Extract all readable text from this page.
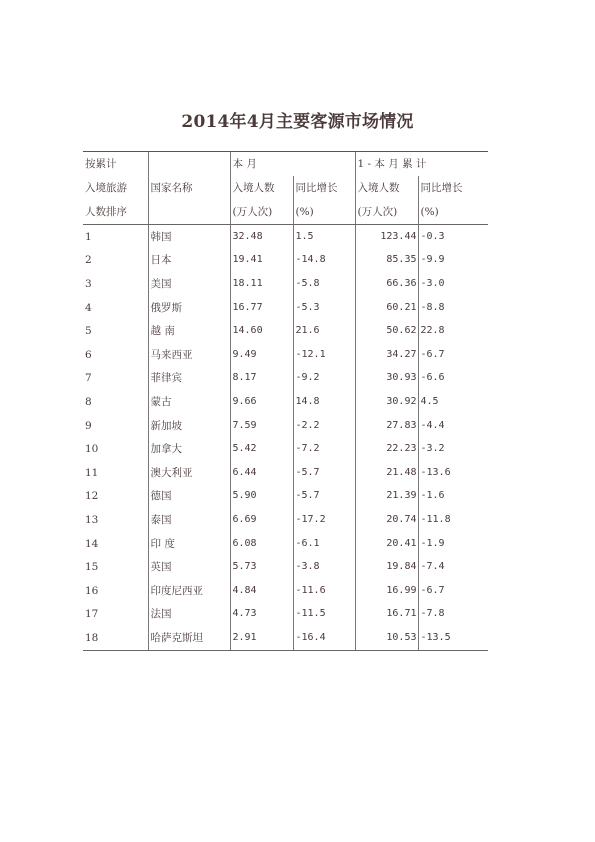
2014年4月主要客源市场情况
按累计		本 月		1 - 本 月 累 计	
入境旅游	国家名称	入境人数	同比增长	入境人数	同比增长
人数排序		(万人次)	(%)	(万人次)	(%)
1	韩国	32.48	1.5	123.44	-0.3
2	日本	19.41	-14.8	85.35	-9.9
3	美国	18.11	-5.8	66.36	-3.0
4	俄罗斯	16.77	-5.3	60.21	-8.8
5	越 南	14.60	21.6	50.62	22.8
6	马来西亚	9.49	-12.1	34.27	-6.7
7	菲律宾	8.17	-9.2	30.93	-6.6
8	蒙古	9.66	14.8	30.92	4.5
9	新加坡	7.59	-2.2	27.83	-4.4
10	加拿大	5.42	-7.2	22.23	-3.2
11	澳大利亚	6.44	-5.7	21.48	-13.6
12	德国	5.90	-5.7	21.39	-1.6
13	泰国	6.69	-17.2	20.74	-11.8
14	印 度	6.08	-6.1	20.41	-1.9
15	英国	5.73	-3.8	19.84	-7.4
16	印度尼西亚	4.84	-11.6	16.99	-6.7
17	法国	4.73	-11.5	16.71	-7.8
18	哈萨克斯坦	2.91	-16.4	10.53	-13.5
